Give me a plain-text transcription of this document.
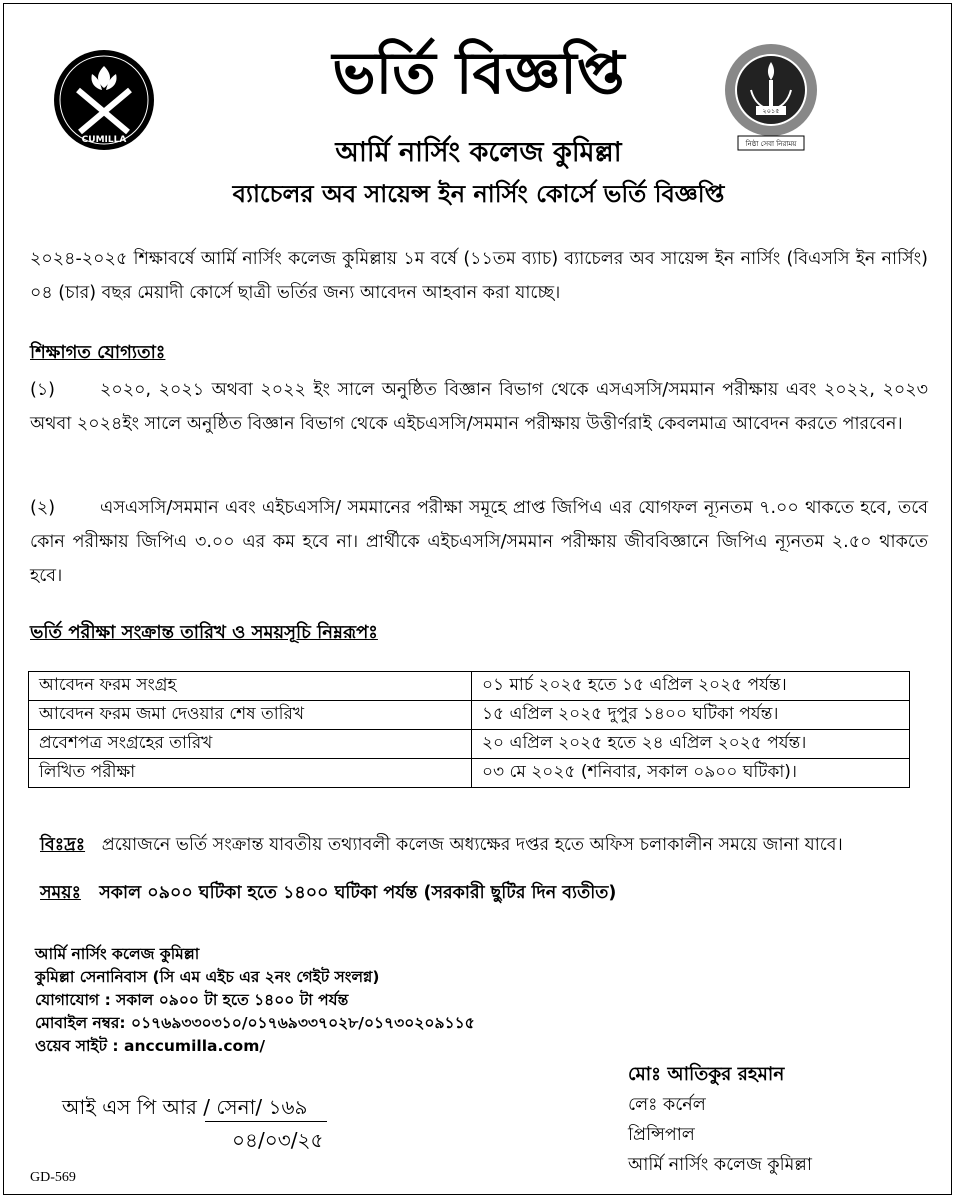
CUMILLA
২০১৫
নিষ্ঠা সেবা নিরাময়
ভর্তি বিজ্ঞপ্তি
আর্মি নার্সিং কলেজ কুমিল্লা
ব্যাচেলর অব সায়েন্স ইন নার্সিং কোর্সে ভর্তি বিজ্ঞপ্তি
২০২৪-২০২৫ শিক্ষাবর্ষে আর্মি নার্সিং কলেজ কুমিল্লায় ১ম বর্ষে (১১তম ব্যাচ) ব্যাচেলর অব সায়েন্স ইন নার্সিং (বিএসসি ইন নার্সিং) ০৪ (চার) বছর মেয়াদী কোর্সে ছাত্রী ভর্তির জন্য আবেদন আহবান করা যাচ্ছে।
শিক্ষাগত যোগ্যতাঃ
(১)	২০২০, ২০২১ অথবা ২০২২ ইং সালে অনুষ্ঠিত বিজ্ঞান বিভাগ থেকে এসএসসি/সমমান পরীক্ষায় এবং ২০২২, ২০২৩ অথবা ২০২৪ইং সালে অনুষ্ঠিত বিজ্ঞান বিভাগ থেকে এইচএসসি/সমমান পরীক্ষায় উত্তীর্ণরাই কেবলমাত্র আবেদন করতে পারবেন।
(২)	এসএসসি/সমমান এবং এইচএসসি/ সমমানের পরীক্ষা সমূহে প্রাপ্ত জিপিএ এর যোগফল ন্যূনতম ৭.০০ থাকতে হবে, তবে কোন পরীক্ষায় জিপিএ ৩.০০ এর কম হবে না। প্রার্থীকে এইচএসসি/সমমান পরীক্ষায় জীববিজ্ঞানে জিপিএ ন্যূনতম ২.৫০ থাকতে হবে।
ভর্তি পরীক্ষা সংক্রান্ত তারিখ ও সময়সূচি নিম্নরূপঃ
আবেদন ফরম সংগ্রহ	০১ মার্চ ২০২৫ হতে ১৫ এপ্রিল ২০২৫ পর্যন্ত।
আবেদন ফরম জমা দেওয়ার শেষ তারিখ	১৫ এপ্রিল ২০২৫ দুপুর ১৪০০ ঘটিকা পর্যন্ত।
প্রবেশপত্র সংগ্রহের তারিখ	২০ এপ্রিল ২০২৫ হতে ২৪ এপ্রিল ২০২৫ পর্যন্ত।
লিখিত পরীক্ষা	০৩ মে ২০২৫ (শনিবার, সকাল ০৯০০ ঘটিকা)।
বিঃদ্রঃ প্রয়োজনে ভর্তি সংক্রান্ত যাবতীয় তথ্যাবলী কলেজ অধ্যক্ষের দপ্তর হতে অফিস চলাকালীন সময়ে জানা যাবে।
সময়ঃ সকাল ০৯০০ ঘটিকা হতে ১৪০০ ঘটিকা পর্যন্ত (সরকারী ছুটির দিন ব্যতীত)
আর্মি নার্সিং কলেজ কুমিল্লা
কুমিল্লা সেনানিবাস (সি এম এইচ এর ২নং গেইট সংলগ্ন)
যোগাযোগ : সকাল ০৯০০ টা হতে ১৪০০ টা পর্যন্ত
মোবাইল নম্বর: ০১৭৬৯৩৩০৩১০/০১৭৬৯৩৩৭০২৮/০১৭৩০২০৯১১৫
ওয়েব সাইট : anccumilla.com/
মোঃ আতিকুর রহমান
লেঃ কর্নেল
প্রিন্সিপাল
আর্মি নার্সিং কলেজ কুমিল্লা
আই এস পি আর / সেনা/ ১৬৯
০৪/০৩/২৫
GD-569
